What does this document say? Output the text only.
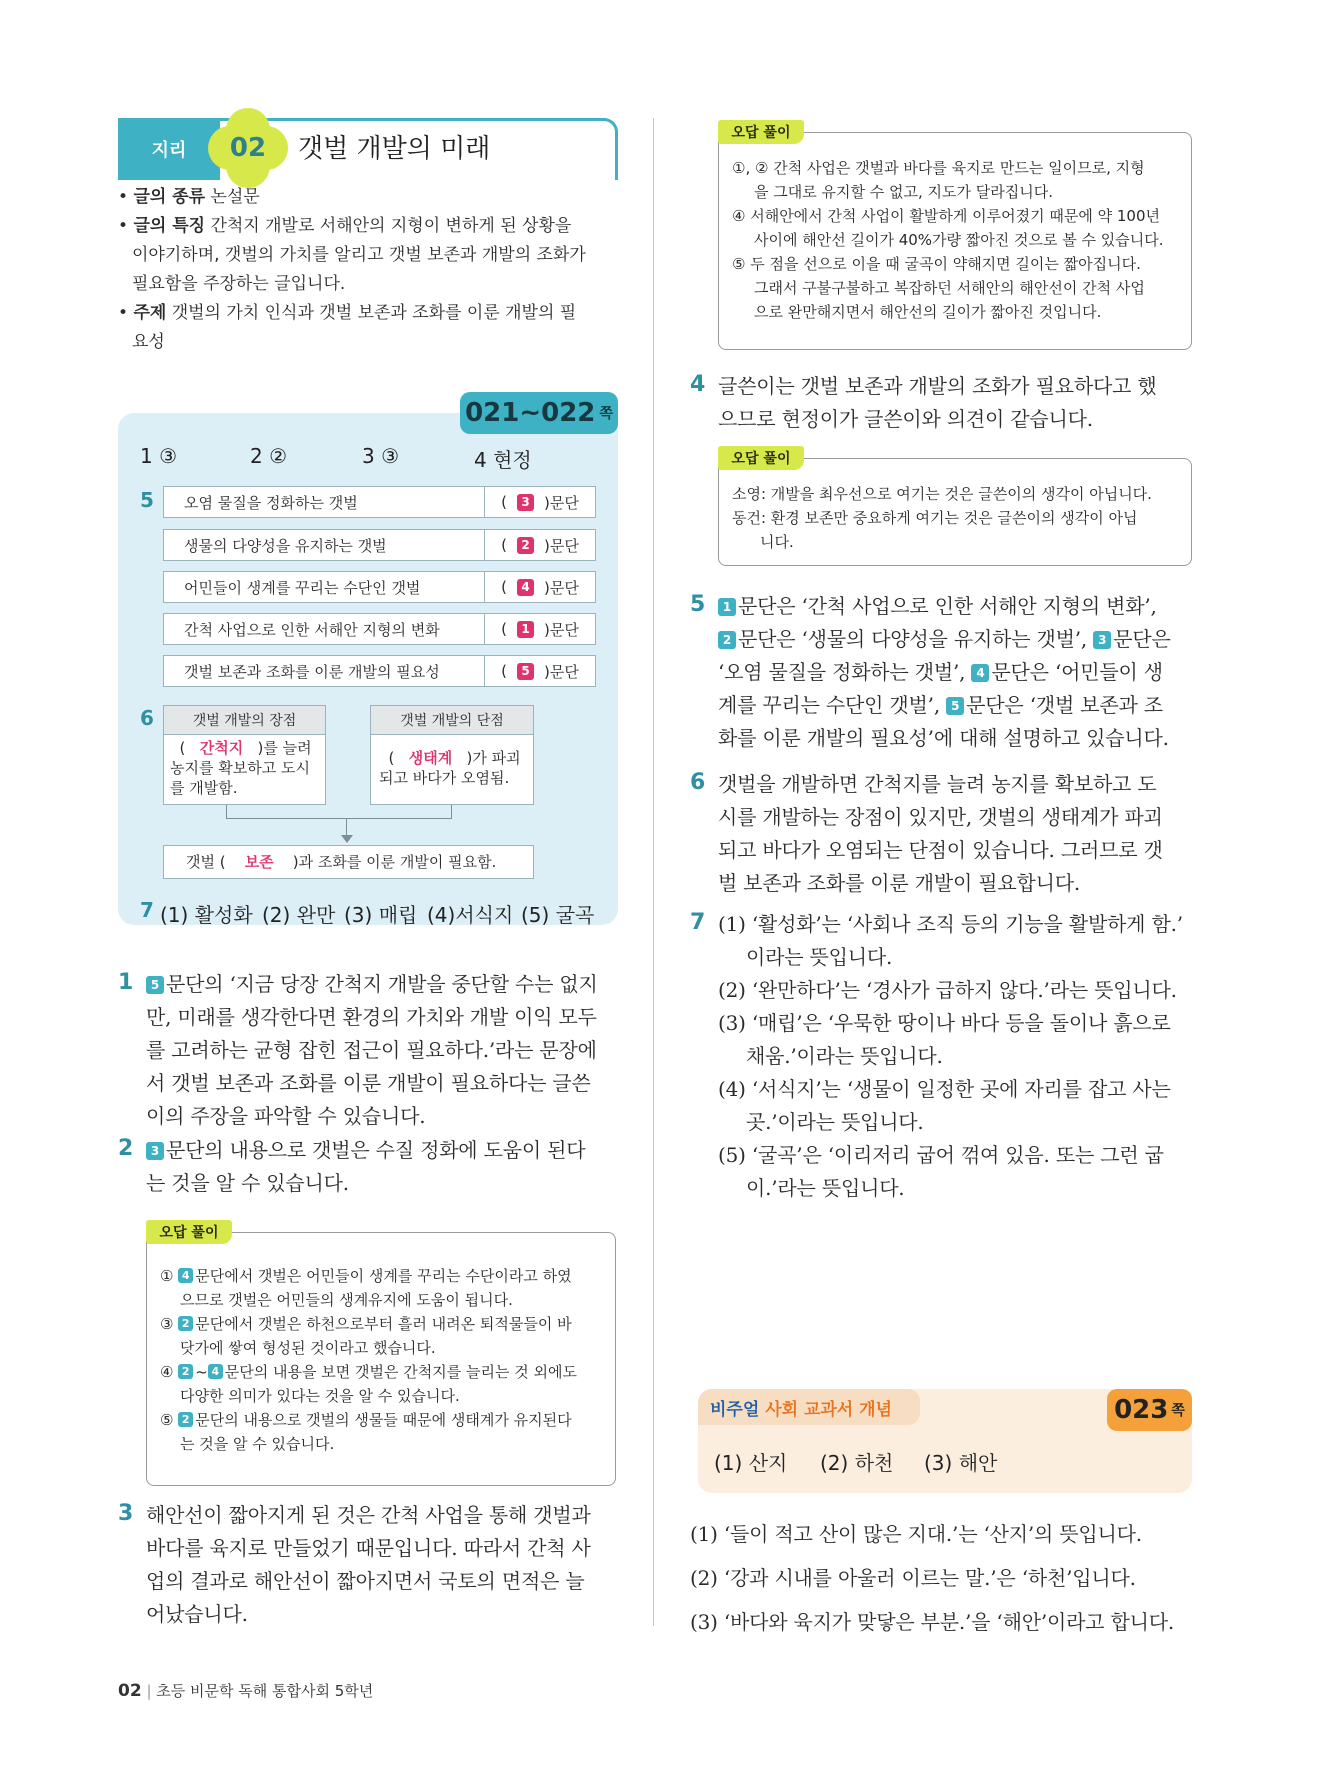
지리	02	갯벌 개발의 미래
• 글의 종류 논설문
• 글의 특징 간척지 개발로 서해안의 지형이 변하게 된 상황을
이야기하며, 갯벌의 가치를 알리고 갯벌 보존과 개발의 조화가
필요함을 주장하는 글입니다.
• 주제 갯벌의 가치 인식과 갯벌 보존과 조화를 이룬 개발의 필
요성
021~022 쪽
1 ③	2 ②	3 ③	4 현정
5	오염 물질을 정화하는 갯벌	(	3 )문단
생물의 다양성을 유지하는 갯벌	(	2 )문단
어민들이 생계를 꾸리는 수단인 갯벌	(	4 )문단
간척 사업으로 인한 서해안 지형의 변화	(	1 )문단
갯벌 보존과 조화를 이룬 개발의 필요성	(	5 )문단
6	갯벌 개발의 장점
( 간척지 )를 늘려
농지를 확보하고 도시
를 개발함.
갯벌 개발의 단점
( 생태계 )가 파괴
되고 바다가 오염됨.
갯벌 (
보존
)과 조화를 이룬 개발이 필요함.
7 (1) 활성화 (2) 완만 (3) 매립 (4)서식지 (5) 굴곡
1	5 문단의 ‘지금 당장 간척지 개발을 중단할 수는 없지
만, 미래를 생각한다면 환경의 가치와 개발 이익 모두
를 고려하는 균형 잡힌 접근이 필요하다.’라는 문장에
서 갯벌 보존과 조화를 이룬 개발이 필요하다는 글쓴
이의 주장을 파악할 수 있습니다.
2	3 문단의 내용으로 갯벌은 수질 정화에 도움이 된다
는 것을 알 수 있습니다.
오답 풀이
① 4 문단에서 갯벌은 어민들이 생계를 꾸리는 수단이라고 하였
으므로 갯벌은 어민들의 생계유지에 도움이 됩니다.
③ 2 문단에서 갯벌은 하천으로부터 흘러 내려온 퇴적물들이 바
닷가에 쌓여 형성된 것이라고 했습니다.
④ 2 ~ 4 문단의 내용을 보면 갯벌은 간척지를 늘리는 것 외에도
다양한 의미가 있다는 것을 알 수 있습니다.
⑤ 2 문단의 내용으로 갯벌의 생물들 때문에 생태계가 유지된다
는 것을 알 수 있습니다.
3 해안선이 짧아지게 된 것은 간척 사업을 통해 갯벌과
바다를 육지로 만들었기 때문입니다. 따라서 간척 사
업의 결과로 해안선이 짧아지면서 국토의 면적은 늘
어났습니다.
오답 풀이
①, ② 간척 사업은 갯벌과 바다를 육지로 만드는 일이므로, 지형
을 그대로 유지할 수 없고, 지도가 달라집니다.
④ 서해안에서 간척 사업이 활발하게 이루어졌기 때문에 약 100년
사이에 해안선 길이가 40%가량 짧아진 것으로 볼 수 있습니다.
⑤ 두 점을 선으로 이을 때 굴곡이 약해지면 길이는 짧아집니다.
그래서 구불구불하고 복잡하던 서해안의 해안선이 간척 사업
으로 완만해지면서 해안선의 길이가 짧아진 것입니다.
4 글쓴이는 갯벌 보존과 개발의 조화가 필요하다고 했
으므로 현정이가 글쓴이와 의견이 같습니다.
오답 풀이
소영: 개발을 최우선으로 여기는 것은 글쓴이의 생각이 아닙니다.
동건: 환경 보존만 중요하게 여기는 것은 글쓴이의 생각이 아닙
니다.
5	1 문단은 ‘간척 사업으로 인한 서해안 지형의 변화’,
2 문단은 ‘생물의 다양성을 유지하는 갯벌’, 3 문단은
‘오염 물질을 정화하는 갯벌’, 4 문단은 ‘어민들이 생
계를 꾸리는 수단인 갯벌’, 5 문단은 ‘갯벌 보존과 조
화를 이룬 개발의 필요성’에 대해 설명하고 있습니다.
6 갯벌을 개발하면 간척지를 늘려 농지를 확보하고 도
시를 개발하는 장점이 있지만, 갯벌의 생태계가 파괴
되고 바다가 오염되는 단점이 있습니다. 그러므로 갯
벌 보존과 조화를 이룬 개발이 필요합니다.
7 (1) ‘활성화’는 ‘사회나 조직 등의 기능을 활발하게 함.’
이라는 뜻입니다.
(2) ‘완만하다’는 ‘경사가 급하지 않다.’라는 뜻입니다.
(3) ‘매립’은 ‘우묵한 땅이나 바다 등을 돌이나 흙으로
채움.’이라는 뜻입니다.
(4) ‘서식지’는 ‘생물이 일정한 곳에 자리를 잡고 사는
곳.’이라는 뜻입니다.
(5) ‘굴곡’은 ‘이리저리 굽어 꺾여 있음. 또는 그런 굽
이.’라는 뜻입니다.
비주얼
사회 교과서 개념	023 쪽
(1) 산지 (2) 하천 (3) 해안
(1) ‘들이 적고 산이 많은 지대.’는 ‘산지’의 뜻입니다.
(2) ‘강과 시내를 아울러 이르는 말.’은 ‘하천’입니다.
(3) ‘바다와 육지가 맞닿은 부분.’을 ‘해안’이라고 합니다.
02 | 초등 비문학 독해 통합사회 5학년
